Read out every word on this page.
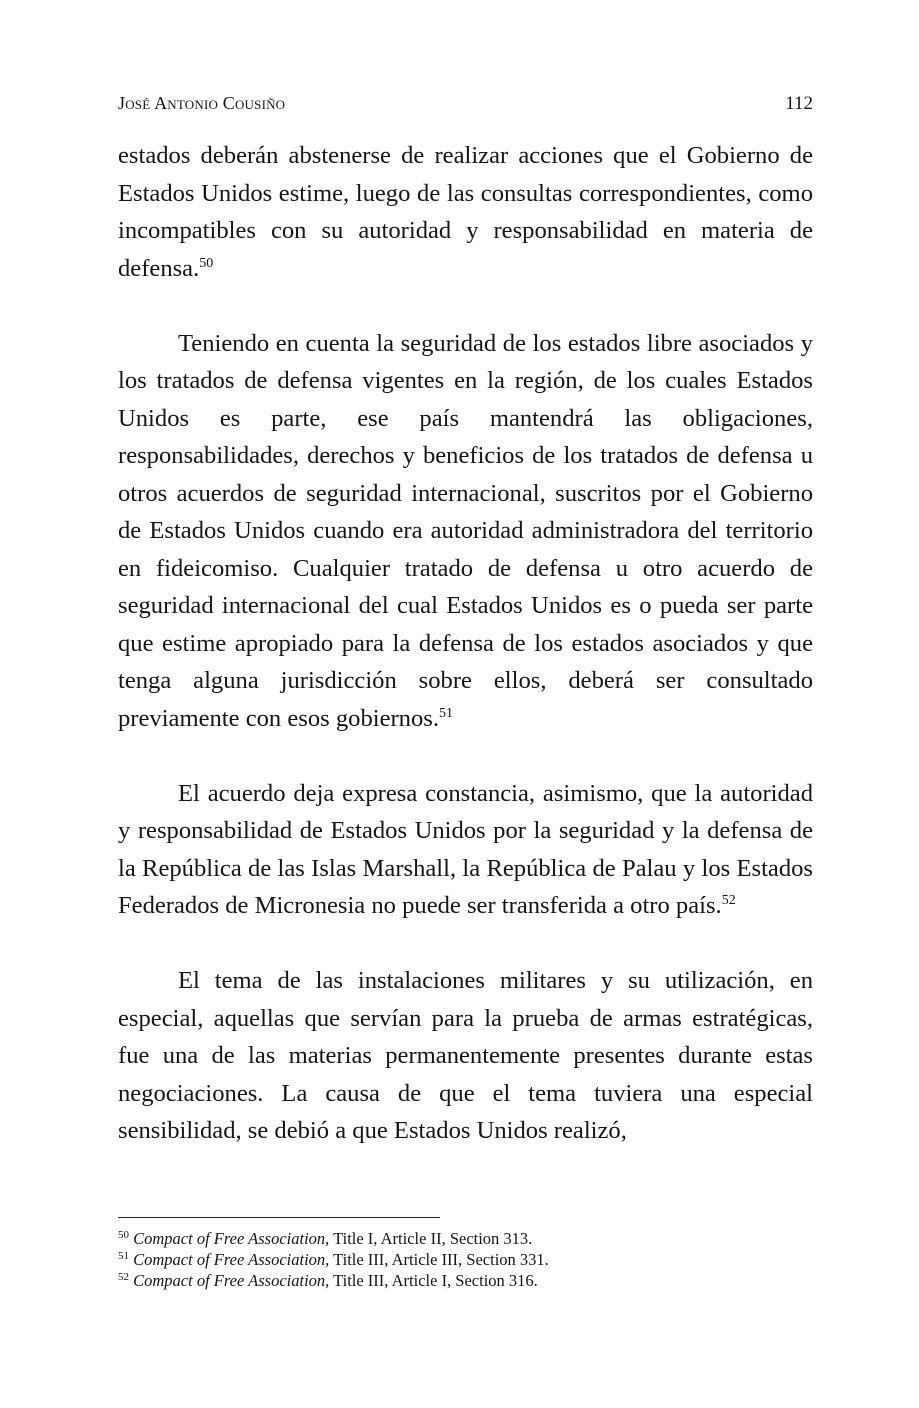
José Antonio Cousiño	112

estados deberán abstenerse de realizar acciones que el Gobierno de Estados Unidos estime, luego de las consultas correspondientes, como incompatibles con su autoridad y responsabilidad en materia de defensa.$^{50}$

Teniendo en cuenta la seguridad de los estados libre asociados y los tratados de defensa vigentes en la región, de los cuales Estados Unidos es parte, ese país mantendrá las obligaciones, responsabilidades, derechos y beneficios de los tratados de defensa u otros acuerdos de seguridad internacional, suscritos por el Gobierno de Estados Unidos cuando era autoridad administradora del territorio en fideicomiso. Cualquier tratado de defensa u otro acuerdo de seguridad internacional del cual Estados Unidos es o pueda ser parte que estime apropiado para la defensa de los estados asociados y que tenga alguna jurisdicción sobre ellos, deberá ser consultado previamente con esos gobiernos.$^{51}$

El acuerdo deja expresa constancia, asimismo, que la autoridad y responsabilidad de Estados Unidos por la seguridad y la defensa de la República de las Islas Marshall, la República de Palau y los Estados Federados de Micronesia no puede ser transferida a otro país.$^{52}$

El tema de las instalaciones militares y su utilización, en especial, aquellas que servían para la prueba de armas estratégicas, fue una de las materias permanentemente presentes durante estas negociaciones. La causa de que el tema tuviera una especial sensibilidad, se debió a que Estados Unidos realizó,

$^{50}$ Compact of Free Association, Title I, Article II, Section 313.

$^{51}$ Compact of Free Association, Title III, Article III, Section 331.

$^{52}$ Compact of Free Association, Title III, Article I, Section 316.
